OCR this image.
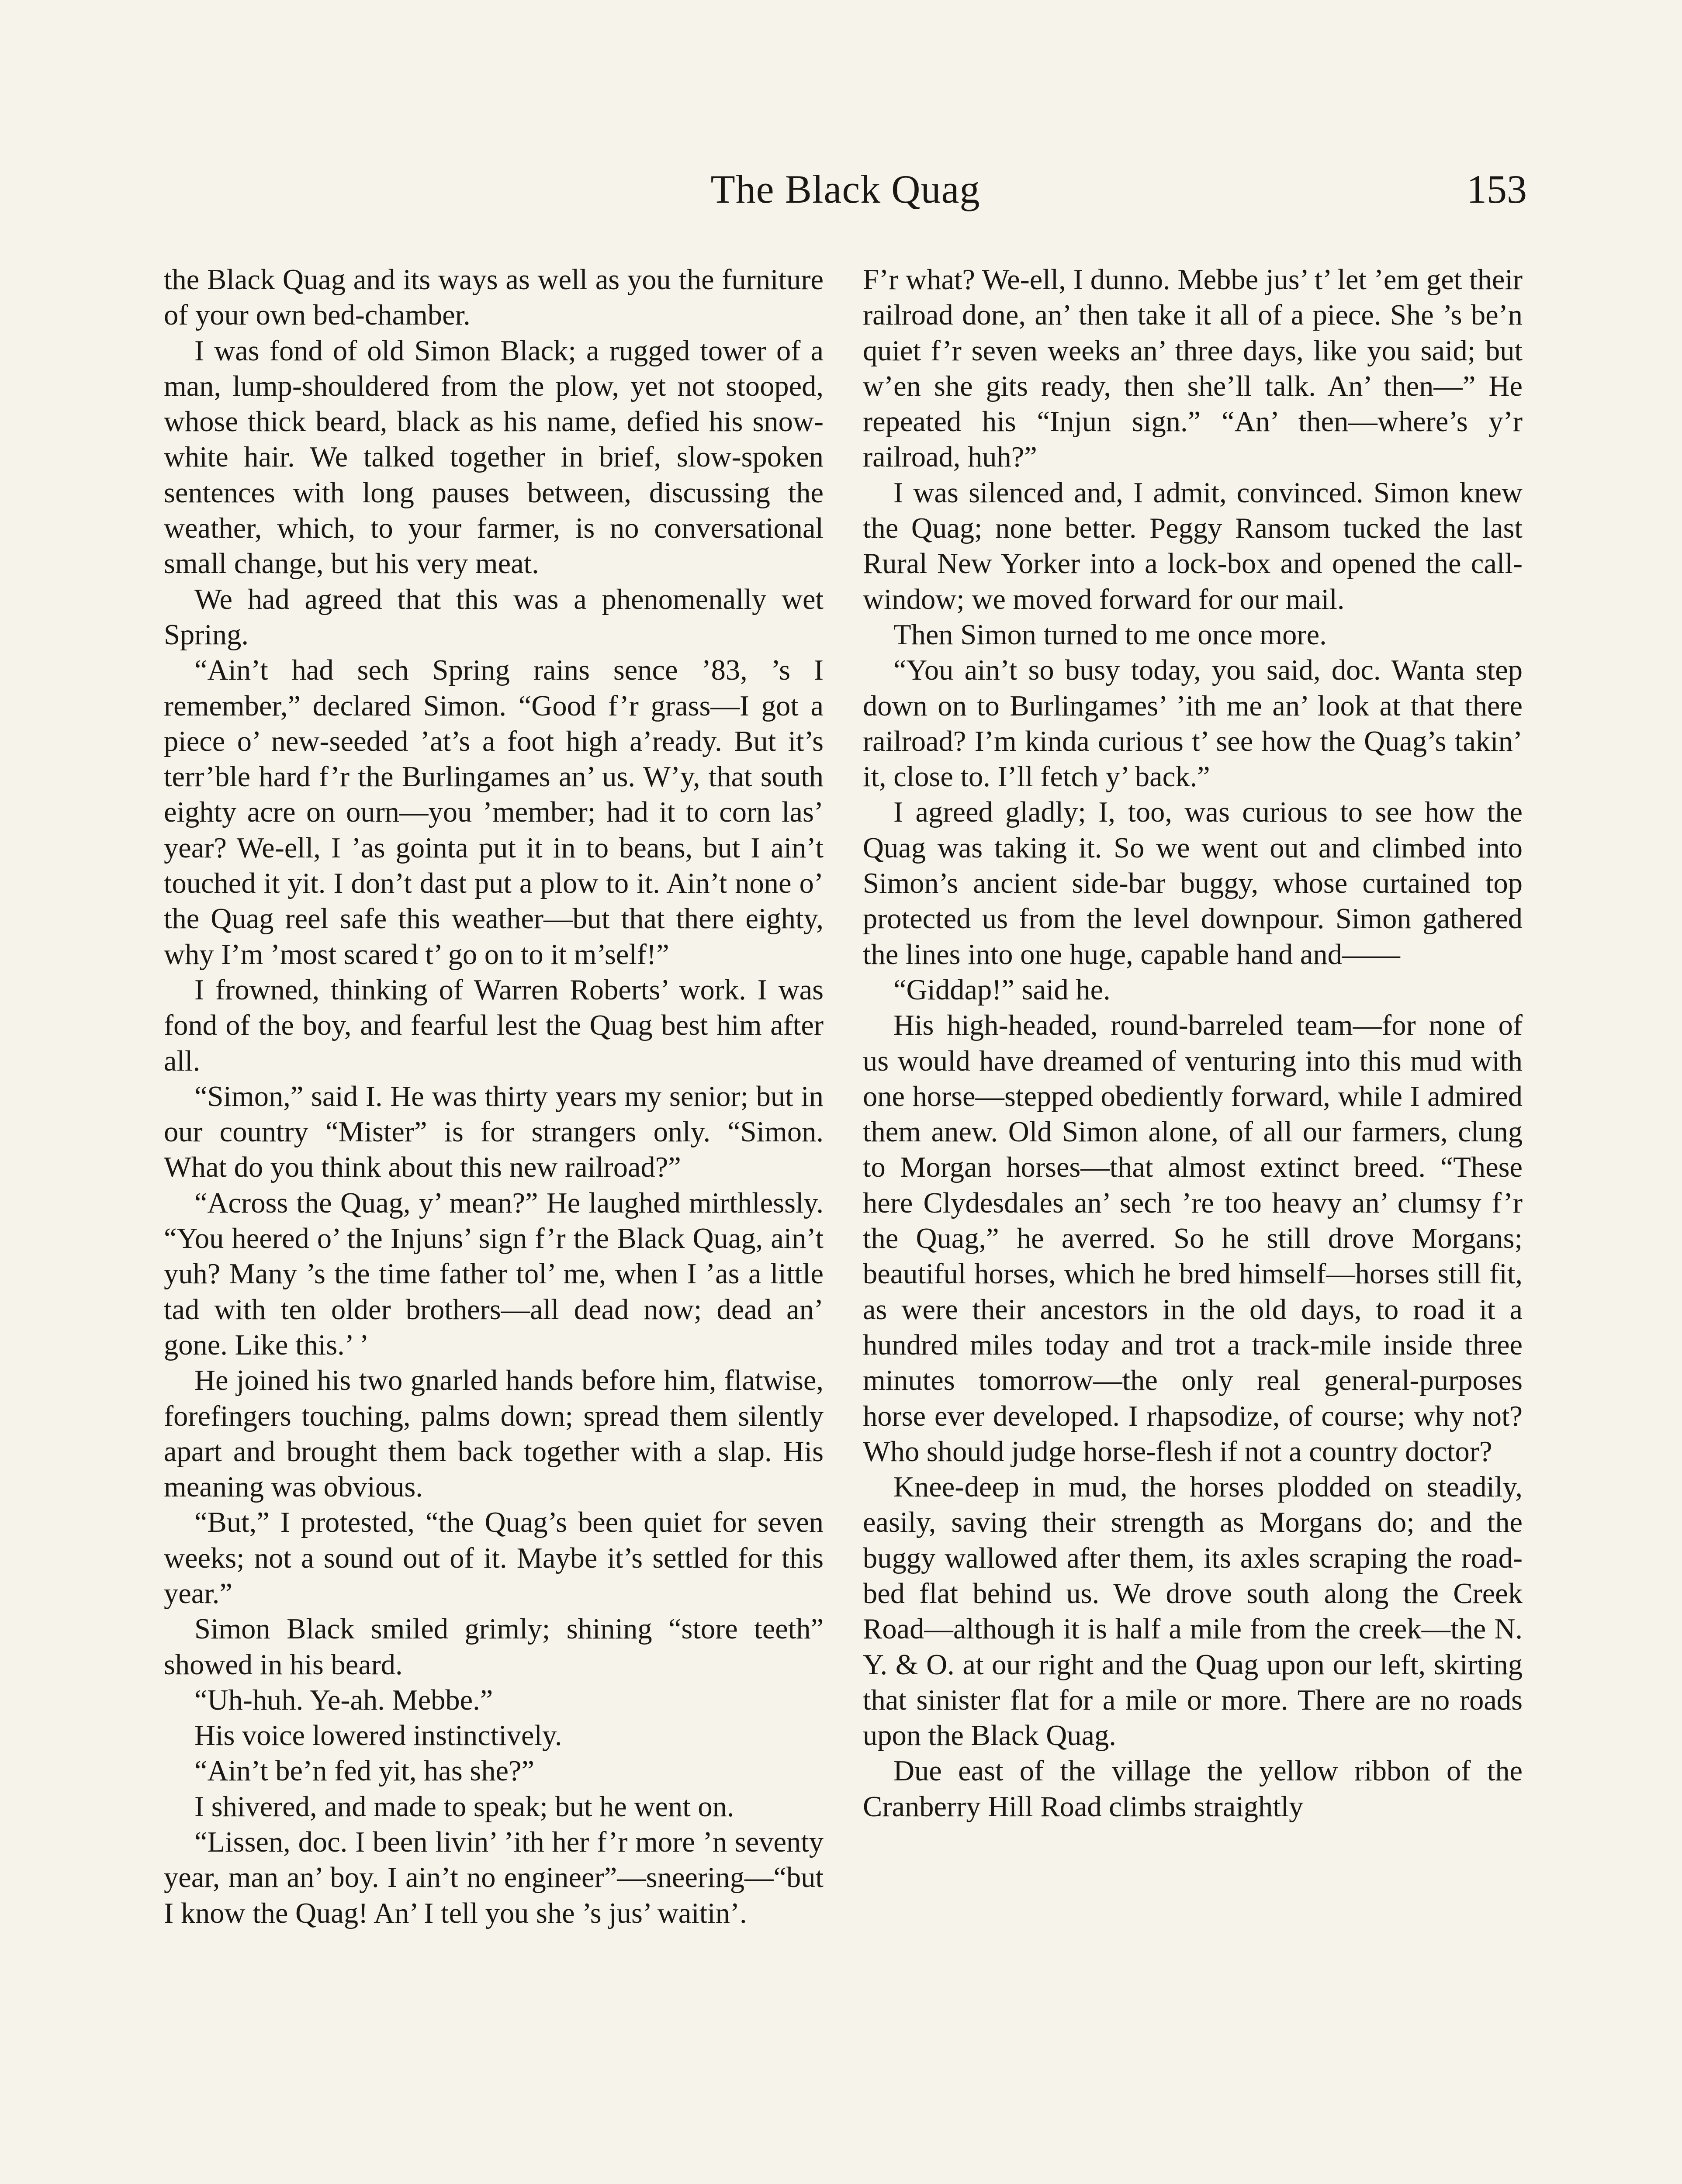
The Black Quag	153

the Black Quag and its ways as well as you the furniture of your own bed-chamber.

I was fond of old Simon Black; a rugged tower of a man, lump-shouldered from the plow, yet not stooped, whose thick beard, black as his name, defied his snow-white hair. We talked together in brief, slow-spoken sentences with long pauses between, discussing the weather, which, to your farmer, is no conversational small change, but his very meat.

We had agreed that this was a phenomenally wet Spring.

“Ain’t had sech Spring rains sence ’83, ’s I remember,” declared Simon. “Good f’r grass—I got a piece o’ new-seeded ’at’s a foot high a’ready. But it’s terr’ble hard f’r the Burlingames an’ us. W’y, that south eighty acre on ourn—you ’member; had it to corn las’ year? We-ell, I ’as gointa put it in to beans, but I ain’t touched it yit. I don’t dast put a plow to it. Ain’t none o’ the Quag reel safe this weather—but that there eighty, why I’m ’most scared t’ go on to it m’self!”

I frowned, thinking of Warren Roberts’ work. I was fond of the boy, and fearful lest the Quag best him after all.

“Simon,” said I. He was thirty years my senior; but in our country “Mister” is for strangers only. “Simon. What do you think about this new railroad?”

“Across the Quag, y’ mean?” He laughed mirthlessly. “You heered o’ the Injuns’ sign f’r the Black Quag, ain’t yuh? Many ’s the time father tol’ me, when I ’as a little tad with ten older brothers—all dead now; dead an’ gone. Like this.’ ’

He joined his two gnarled hands before him, flatwise, forefingers touching, palms down; spread them silently apart and brought them back together with a slap. His meaning was obvious.

“But,” I protested, “the Quag’s been quiet for seven weeks; not a sound out of it. Maybe it’s settled for this year.”

Simon Black smiled grimly; shining “store teeth” showed in his beard.

“Uh-huh. Ye-ah. Mebbe.”

His voice lowered instinctively.

“Ain’t be’n fed yit, has she?”

I shivered, and made to speak; but he went on.

“Lissen, doc. I been livin’ ’ith her f’r more ’n seventy year, man an’ boy. I ain’t no engineer”—sneering—“but I know the Quag! An’ I tell you she ’s jus’ waitin’.

F’r what? We-ell, I dunno. Mebbe jus’ t’ let ’em get their railroad done, an’ then take it all of a piece. She ’s be’n quiet f’r seven weeks an’ three days, like you said; but w’en she gits ready, then she’ll talk. An’ then—” He repeated his “Injun sign.” “An’ then—where’s y’r railroad, huh?”

I was silenced and, I admit, convinced. Simon knew the Quag; none better. Peggy Ransom tucked the last Rural New Yorker into a lock-box and opened the call-window; we moved forward for our mail.

Then Simon turned to me once more.

“You ain’t so busy today, you said, doc. Wanta step down on to Burlingames’ ’ith me an’ look at that there railroad? I’m kinda curious t’ see how the Quag’s takin’ it, close to. I’ll fetch y’ back.”

I agreed gladly; I, too, was curious to see how the Quag was taking it. So we went out and climbed into Simon’s ancient side-bar buggy, whose curtained top protected us from the level downpour. Simon gathered the lines into one huge, capable hand and——

“Giddap!” said he.

His high-headed, round-barreled team—for none of us would have dreamed of venturing into this mud with one horse—stepped obediently forward, while I admired them anew. Old Simon alone, of all our farmers, clung to Morgan horses—that almost extinct breed. “These here Clydesdales an’ sech ’re too heavy an’ clumsy f’r the Quag,” he averred. So he still drove Morgans; beautiful horses, which he bred himself—horses still fit, as were their ancestors in the old days, to road it a hundred miles today and trot a track-mile inside three minutes tomorrow—the only real general-purposes horse ever developed. I rhapsodize, of course; why not? Who should judge horse-flesh if not a country doctor?

Knee-deep in mud, the horses plodded on steadily, easily, saving their strength as Morgans do; and the buggy wallowed after them, its axles scraping the road-bed flat behind us. We drove south along the Creek Road—although it is half a mile from the creek—the N. Y. & O. at our right and the Quag upon our left, skirting that sinister flat for a mile or more. There are no roads upon the Black Quag.

Due east of the village the yellow ribbon of the Cranberry Hill Road climbs straightly
